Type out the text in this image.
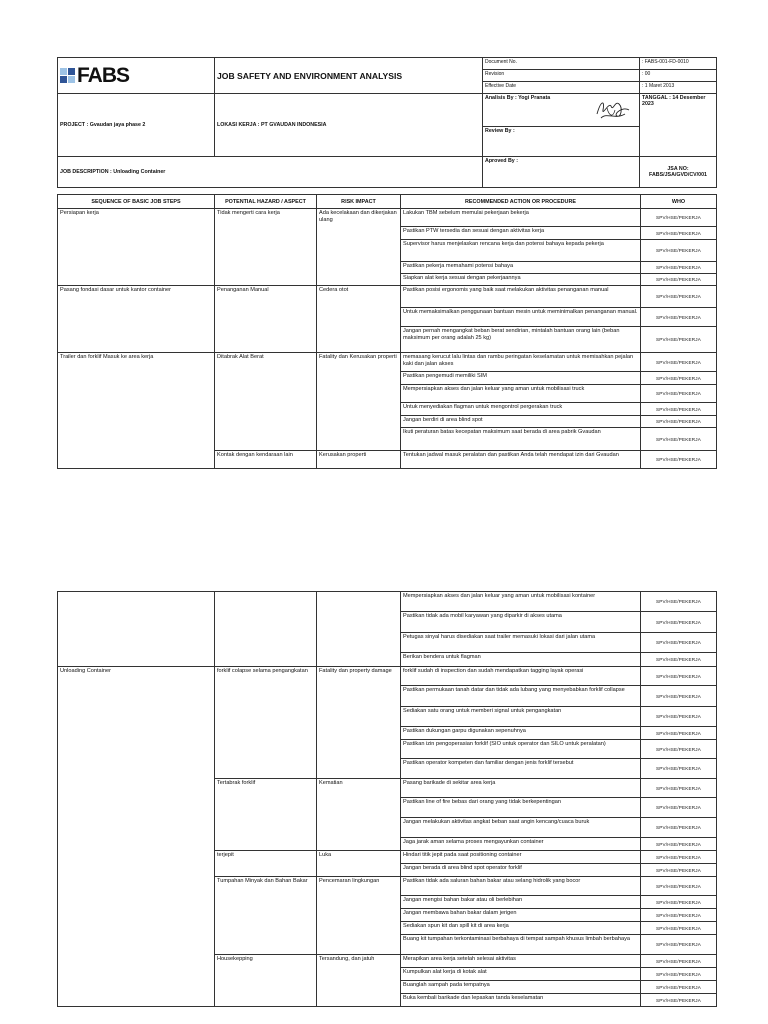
FABS	JOB SAFETY AND ENVIRONMENT ANALYSIS	Document No.	: FABS-001-FD-0010
		Revision	: 00
		Effective Date	: 1 Maret 2013
PROJECT : Gvaudan jaya phase 2	LOKASI KERJA : PT GVAUDAN INDONESIA	Analisis By : Yogi Pranata	TANGGAL : 14 Desember 2023
		Review By :	
JOB DESCRIPTION : Unloading Container		Aproved By :	JSA NO:
FABS/JSA/GVD/CV/001
SEQUENCE OF BASIC JOB STEPS	POTENTIAL HAZARD / ASPECT	RISK IMPACT	RECOMMENDED ACTION OR PROCEDURE	WHO
Persiapan kerja	Tidak mengerti cara kerja	Ada kecelakaan dan dikerjakan ulang	Lakukan TBM sebelum memulai pekerjaan bekerja	SPV/HSE/PEKERJA
			Pastikan PTW tersedia dan sesuai dengan aktivitas kerja	SPV/HSE/PEKERJA
			Supervisor harus menjelaskan rencana kerja dan potensi bahaya kepada pekerja	SPV/HSE/PEKERJA
			Pastikan pekerja memahami potensi bahaya	SPV/HSE/PEKERJA
			Siapkan alat kerja sesuai dengan pekerjaannya	SPV/HSE/PEKERJA
Pasang fondasi dasar untuk kantor container	Penanganan Manual	Cedera otot	Pastikan posisi ergonomis yang baik saat melakukan aktivitas penanganan manual	SPV/HSE/PEKERJA
			Untuk memaksimalkan penggunaan bantuan mesin untuk meminimalkan penanganan manual.	SPV/HSE/PEKERJA
			Jangan pernah mengangkat beban berat sendirian, mintalah bantuan orang lain (beban maksimum per orang adalah 25 kg)	SPV/HSE/PEKERJA
Trailer dan forklif Masuk ke area kerja	Ditabrak Alat Berat	Fatality dan Kerusakan properti	memasang kerucut lalu lintas dan rambu peringatan keselamatan untuk memisahkan pejalan kaki dan jalan akses	SPV/HSE/PEKERJA
			Pastikan pengemudi memiliki SIM	SPV/HSE/PEKERJA
			Mempersiapkan akses dan jalan keluar yang aman untuk mobilisasi truck	SPV/HSE/PEKERJA
			Untuk menyediakan flagman untuk mengontrol pergerakan truck	SPV/HSE/PEKERJA
			Jangan berdiri di area blind spot	SPV/HSE/PEKERJA
			Ikuti peraturan batas kecepatan maksimum saat berada di area pabrik Gvaudan	SPV/HSE/PEKERJA
	Kontak dengan kendaraan lain	Kerusakan properti	Tentukan jadwal masuk peralatan dan pastikan Anda telah mendapat izin dari Gvaudan	SPV/HSE/PEKERJA
			Mempersiapkan akses dan jalan keluar yang aman untuk mobilisasi kontainer	SPV/HSE/PEKERJA
			Pastikan tidak ada mobil karyawan yang diparkir di akses utama	SPV/HSE/PEKERJA
			Petugas sinyal harus disediakan saat trailer memasuki lokasi dari jalan utama	SPV/HSE/PEKERJA
			Berikan bendera untuk flagman	SPV/HSE/PEKERJA
Unloading Container	forklif colapse selama pengangkatan	Fatality dan property damage	forklif sudah di inspection dan sudah mendapatkan tagging layak operasi	SPV/HSE/PEKERJA
			Pastikan permukaan tanah datar dan tidak ada lubang yang menyebabkan forklif collapse	SPV/HSE/PEKERJA
			Sediakan satu orang untuk memberi signal untuk pengangkatan	SPV/HSE/PEKERJA
			Pastikan dukungan garpu digunakan sepenuhnya	SPV/HSE/PEKERJA
			Pastikan izin pengoperasian forklif (SIO untuk operator dan SILO untuk peralatan)	SPV/HSE/PEKERJA
			Pastikan operator kompeten dan familiar dengan jenis forklif tersebut	SPV/HSE/PEKERJA
	Tertabrak forklif	Kematian	Pasang barikade di sekitar area kerja	SPV/HSE/PEKERJA
			Pastikan line of fire bebas dari orang yang tidak berkepentingan	SPV/HSE/PEKERJA
			Jangan melakukan aktivitas angkat beban saat angin kencang/cuaca buruk	SPV/HSE/PEKERJA
			Jaga jarak aman selama proses mengayunkan container	SPV/HSE/PEKERJA
	terjepit	Luka	Hindari titik jepit pada saat positioning container	SPV/HSE/PEKERJA
			Jangan berada di area blind spot operator forklif	SPV/HSE/PEKERJA
	Tumpahan Minyak dan Bahan Bakar	Pencemaran lingkungan	Pastikan tidak ada saluran bahan bakar atau selang hidrolik yang bocor	SPV/HSE/PEKERJA
			Jangan mengisi bahan bakar atau oli berlebihan	SPV/HSE/PEKERJA
			Jangan membawa bahan bakar dalam jerigen	SPV/HSE/PEKERJA
			Sediakan spun kit dan spill kit di area kerja	SPV/HSE/PEKERJA
			Buang kit tumpahan terkontaminasi berbahaya di tempat sampah khusus limbah berbahaya	SPV/HSE/PEKERJA
	Housekepping	Tersandung, dan jatuh	Merapikan area kerja setelah selesai aktivitas	SPV/HSE/PEKERJA
			Kumpulkan alat kerja di kotak alat	SPV/HSE/PEKERJA
			Buanglah sampah pada tempatnya	SPV/HSE/PEKERJA
			Buka kembali barikade dan lepaskan tanda keselamatan	SPV/HSE/PEKERJA
